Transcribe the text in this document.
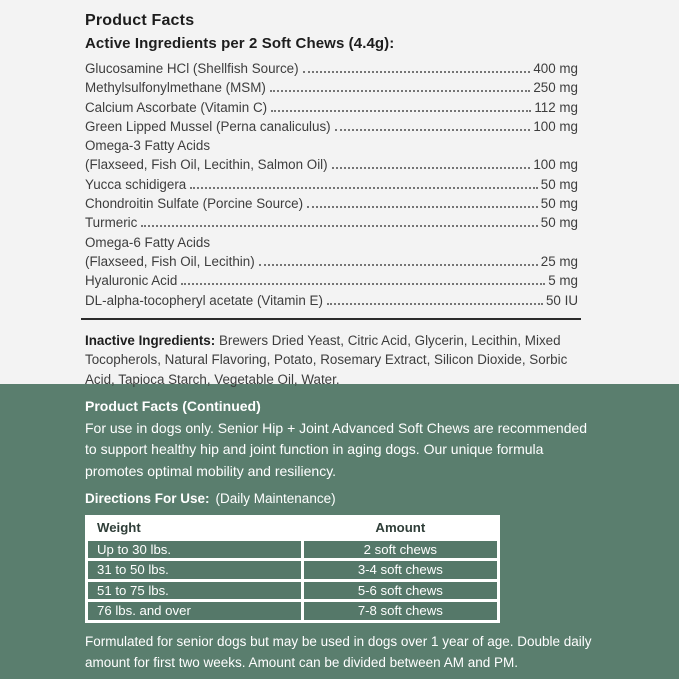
Product Facts
Active Ingredients per 2 Soft Chews (4.4g):
Glucosamine HCl (Shellfish Source)	400 mg
Methylsulfonylmethane (MSM)	250 mg
Calcium Ascorbate (Vitamin C)	112 mg
Green Lipped Mussel (Perna canaliculus)	100 mg
Omega-3 Fatty Acids
(Flaxseed, Fish Oil, Lecithin, Salmon Oil)	100 mg
Yucca schidigera	50 mg
Chondroitin Sulfate (Porcine Source)	50 mg
Turmeric	50 mg
Omega-6 Fatty Acids
(Flaxseed, Fish Oil, Lecithin)	25 mg
Hyaluronic Acid	5 mg
DL-alpha-tocopheryl acetate (Vitamin E)	50 IU
Inactive Ingredients: Brewers Dried Yeast, Citric Acid, Glycerin, Lecithin, Mixed Tocopherols, Natural Flavoring, Potato, Rosemary Extract, Silicon Dioxide, Sorbic Acid, Tapioca Starch, Vegetable Oil, Water.
Product Facts (Continued)
For use in dogs only. Senior Hip + Joint Advanced Soft Chews are recommended to support healthy hip and joint function in aging dogs. Our unique formula promotes optimal mobility and resiliency.
Directions For Use: (Daily Maintenance)
Weight	Amount
Up to 30 lbs.	2 soft chews
31 to 50 lbs.	3-4 soft chews
51 to 75 lbs.	5-6 soft chews
76 lbs. and over	7-8 soft chews
Formulated for senior dogs but may be used in dogs over 1 year of age. Double daily amount for first two weeks. Amount can be divided between AM and PM.
